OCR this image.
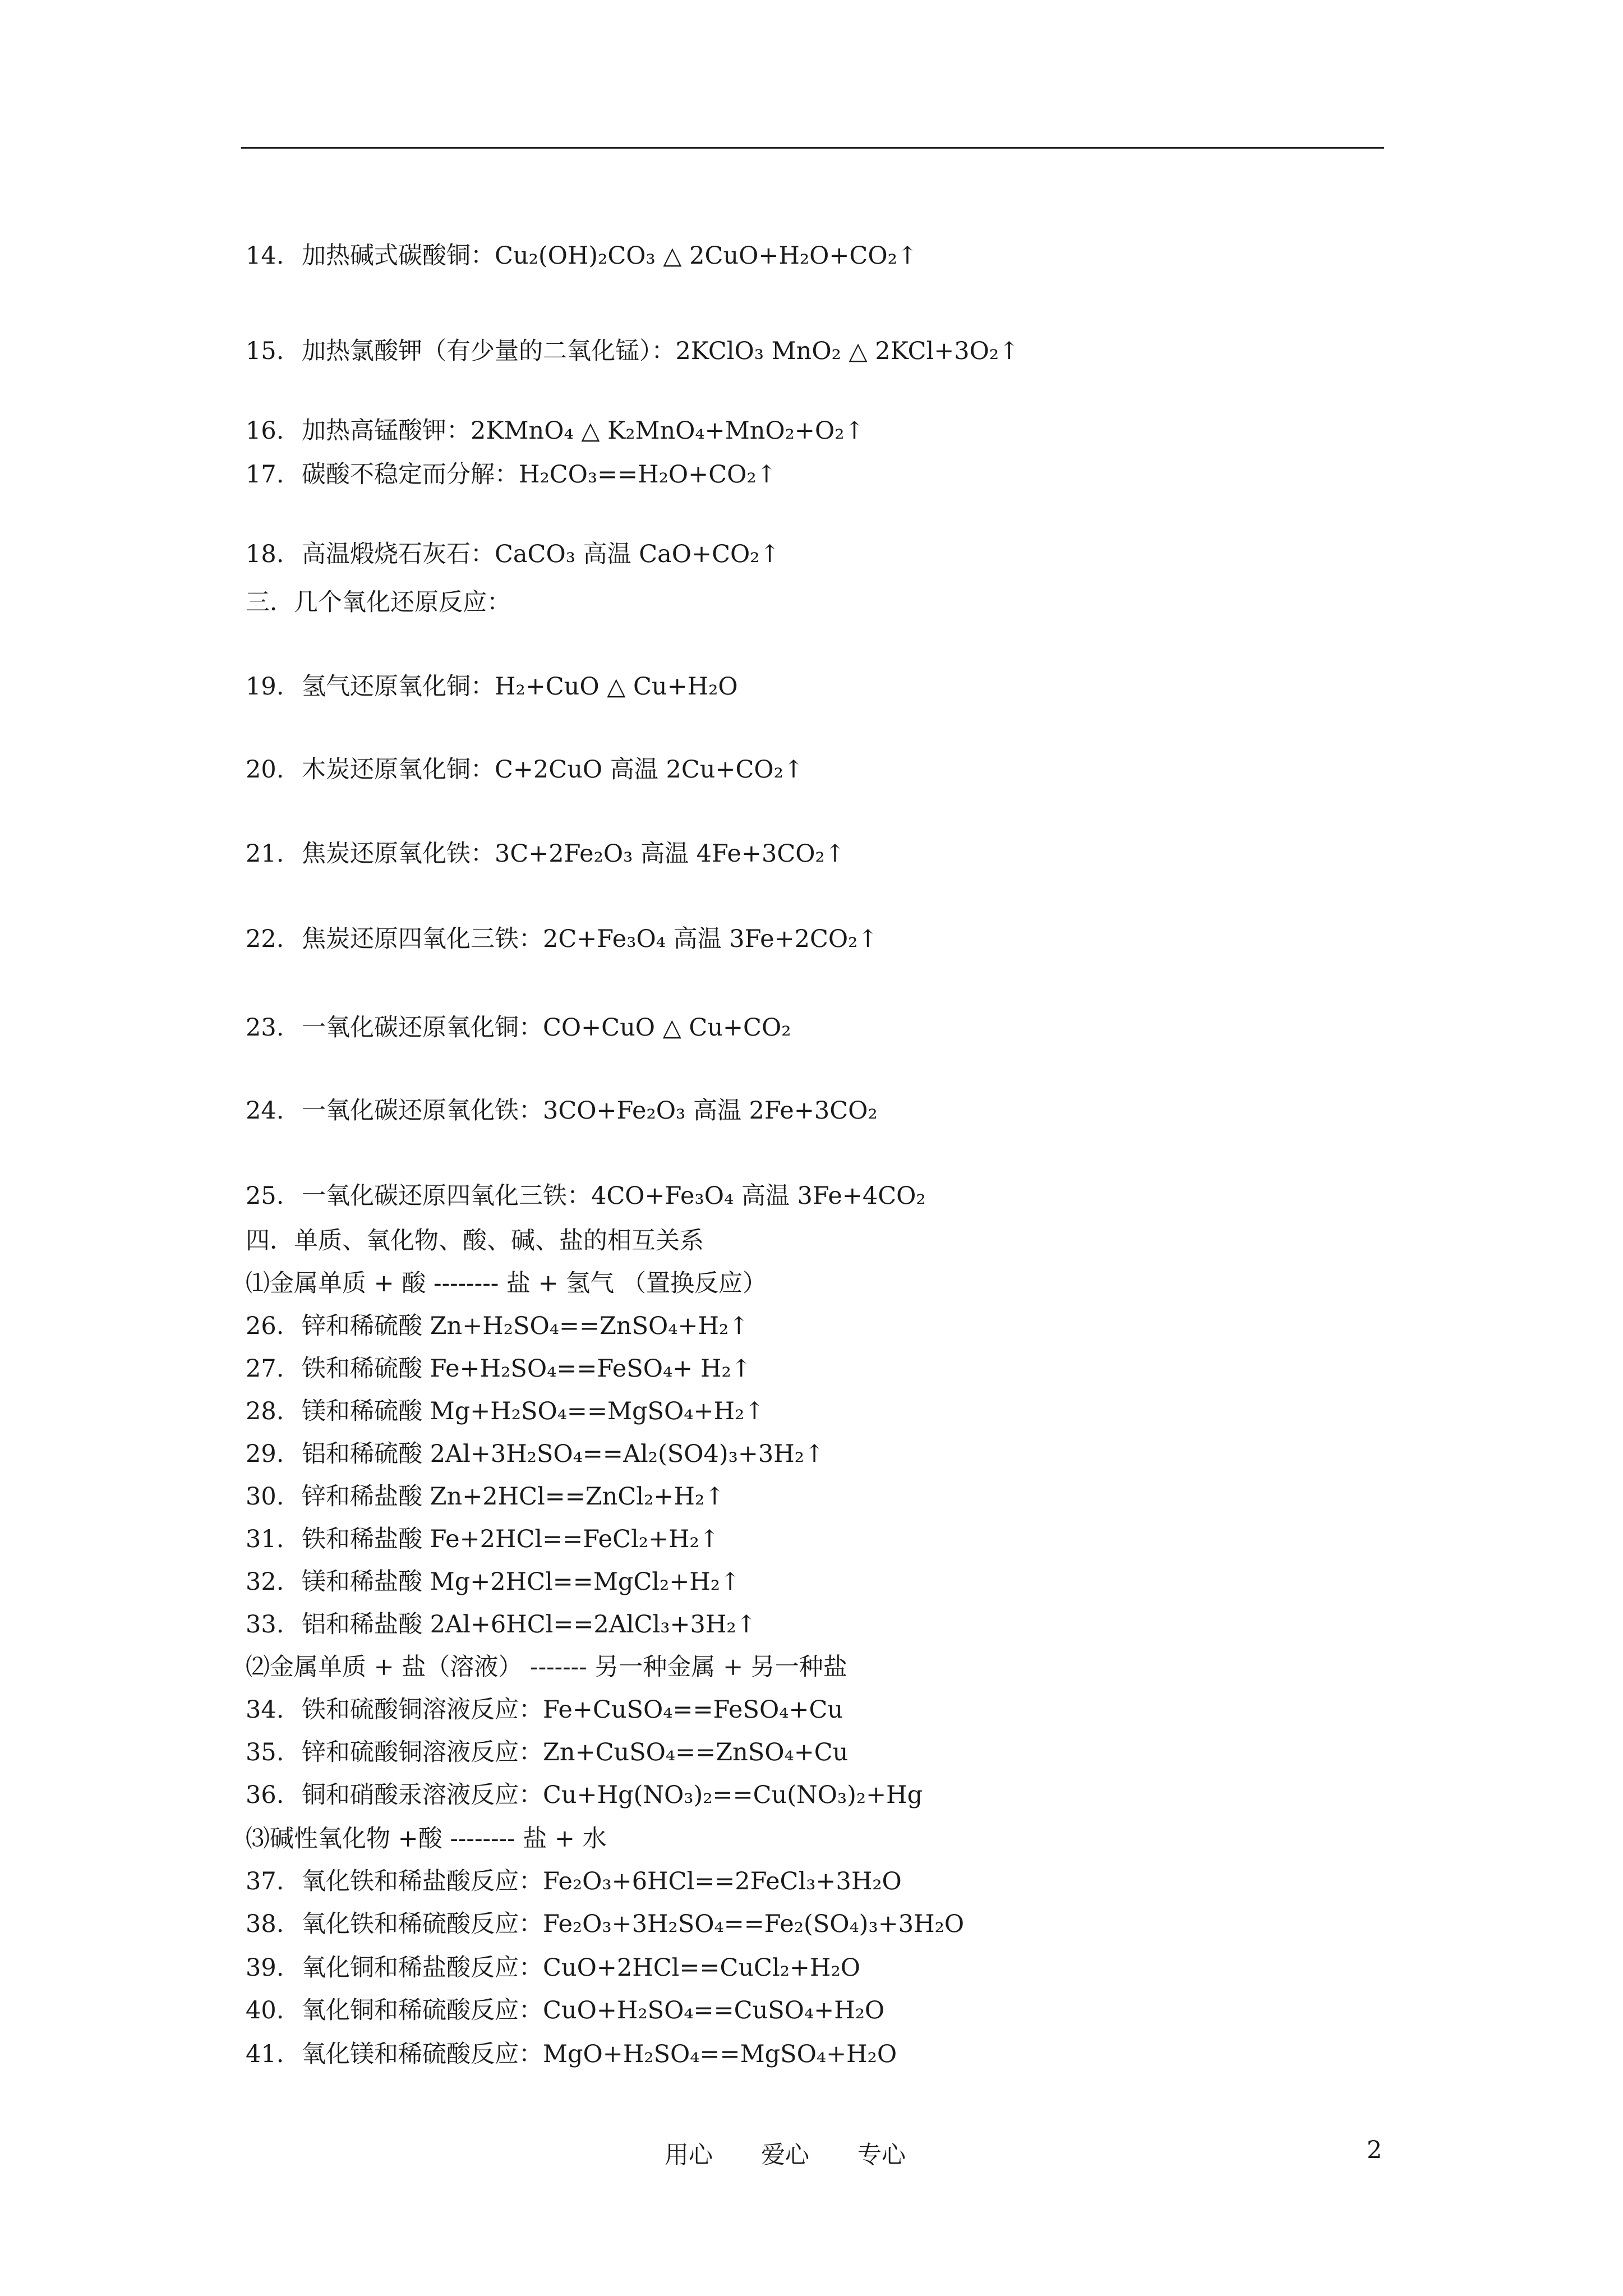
14. 加热碱式碳酸铜：Cu₂(OH)₂CO₃ △ 2CuO+H₂O+CO₂↑
15. 加热氯酸钾（有少量的二氧化锰）：2KClO₃ MnO₂ △ 2KCl+3O₂↑
16. 加热高锰酸钾：2KMnO₄ △ K₂MnO₄+MnO₂+O₂↑
17. 碳酸不稳定而分解：H₂CO₃==H₂O+CO₂↑
18. 高温煅烧石灰石：CaCO₃ 高温 CaO+CO₂↑
三．几个氧化还原反应：
19. 氢气还原氧化铜：H₂+CuO △ Cu+H₂O
20. 木炭还原氧化铜：C+2CuO 高温 2Cu+CO₂↑
21. 焦炭还原氧化铁：3C+2Fe₂O₃ 高温 4Fe+3CO₂↑
22. 焦炭还原四氧化三铁：2C+Fe₃O₄ 高温 3Fe+2CO₂↑
23. 一氧化碳还原氧化铜：CO+CuO △ Cu+CO₂
24. 一氧化碳还原氧化铁：3CO+Fe₂O₃ 高温 2Fe+3CO₂
25. 一氧化碳还原四氧化三铁：4CO+Fe₃O₄ 高温 3Fe+4CO₂
四．单质、氧化物、酸、碱、盐的相互关系
⑴金属单质 + 酸 -------- 盐 + 氢气 （置换反应）
26. 锌和稀硫酸 Zn+H₂SO₄==ZnSO₄+H₂↑
27. 铁和稀硫酸 Fe+H₂SO₄==FeSO₄+ H₂↑
28. 镁和稀硫酸 Mg+H₂SO₄==MgSO₄+H₂↑
29. 铝和稀硫酸 2Al+3H₂SO₄==Al₂(SO4)₃+3H₂↑
30. 锌和稀盐酸 Zn+2HCl==ZnCl₂+H₂↑
31. 铁和稀盐酸 Fe+2HCl==FeCl₂+H₂↑
32. 镁和稀盐酸 Mg+2HCl==MgCl₂+H₂↑
33. 铝和稀盐酸 2Al+6HCl==2AlCl₃+3H₂↑
⑵金属单质 + 盐（溶液） ------- 另一种金属 + 另一种盐
34. 铁和硫酸铜溶液反应：Fe+CuSO₄==FeSO₄+Cu
35. 锌和硫酸铜溶液反应：Zn+CuSO₄==ZnSO₄+Cu
36. 铜和硝酸汞溶液反应：Cu+Hg(NO₃)₂==Cu(NO₃)₂+Hg
⑶碱性氧化物 +酸 -------- 盐 + 水
37. 氧化铁和稀盐酸反应：Fe₂O₃+6HCl==2FeCl₃+3H₂O
38. 氧化铁和稀硫酸反应：Fe₂O₃+3H₂SO₄==Fe₂(SO₄)₃+3H₂O
39. 氧化铜和稀盐酸反应：CuO+2HCl==CuCl₂+H₂O
40. 氧化铜和稀硫酸反应：CuO+H₂SO₄==CuSO₄+H₂O
41. 氧化镁和稀硫酸反应：MgO+H₂SO₄==MgSO₄+H₂O
用心 爱心 专心	2
